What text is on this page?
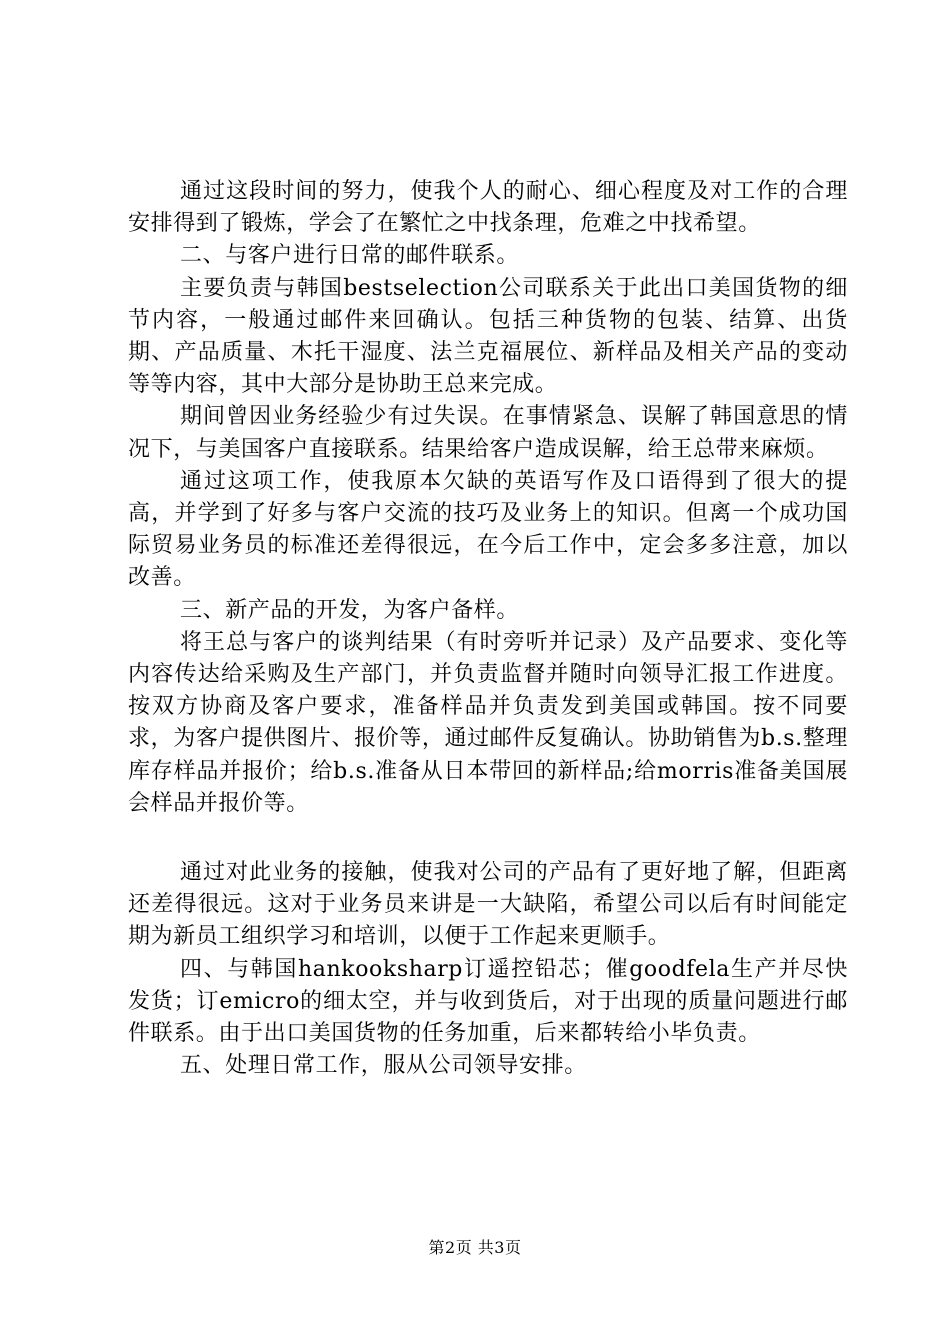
通过这段时间的努力，使我个人的耐心、细心程度及对工作的合理安排得到了锻炼，学会了在繁忙之中找条理，危难之中找希望。

二、与客户进行日常的邮件联系。

主要负责与韩国bestselection公司联系关于此出口美国货物的细节内容，一般通过邮件来回确认。包括三种货物的包装、结算、出货期、产品质量、木托干湿度、法兰克福展位、新样品及相关产品的变动等等内容，其中大部分是协助王总来完成。

期间曾因业务经验少有过失误。在事情紧急、误解了韩国意思的情况下，与美国客户直接联系。结果给客户造成误解，给王总带来麻烦。

通过这项工作，使我原本欠缺的英语写作及口语得到了很大的提高，并学到了好多与客户交流的技巧及业务上的知识。但离一个成功国际贸易业务员的标准还差得很远，在今后工作中，定会多多注意，加以改善。

三、新产品的开发，为客户备样。

将王总与客户的谈判结果（有时旁听并记录）及产品要求、变化等内容传达给采购及生产部门，并负责监督并随时向领导汇报工作进度。按双方协商及客户要求，准备样品并负责发到美国或韩国。按不同要求，为客户提供图片、报价等，通过邮件反复确认。协助销售为b.s.整理库存样品并报价；给b.s.准备从日本带回的新样品;给morris准备美国展会样品并报价等。

通过对此业务的接触，使我对公司的产品有了更好地了解，但距离还差得很远。这对于业务员来讲是一大缺陷，希望公司以后有时间能定期为新员工组织学习和培训，以便于工作起来更顺手。

四、与韩国hankooksharp订遥控铅芯；催goodfela生产并尽快发货；订emicro的细太空，并与收到货后，对于出现的质量问题进行邮件联系。由于出口美国货物的任务加重，后来都转给小毕负责。

五、处理日常工作，服从公司领导安排。

第2页 共3页
